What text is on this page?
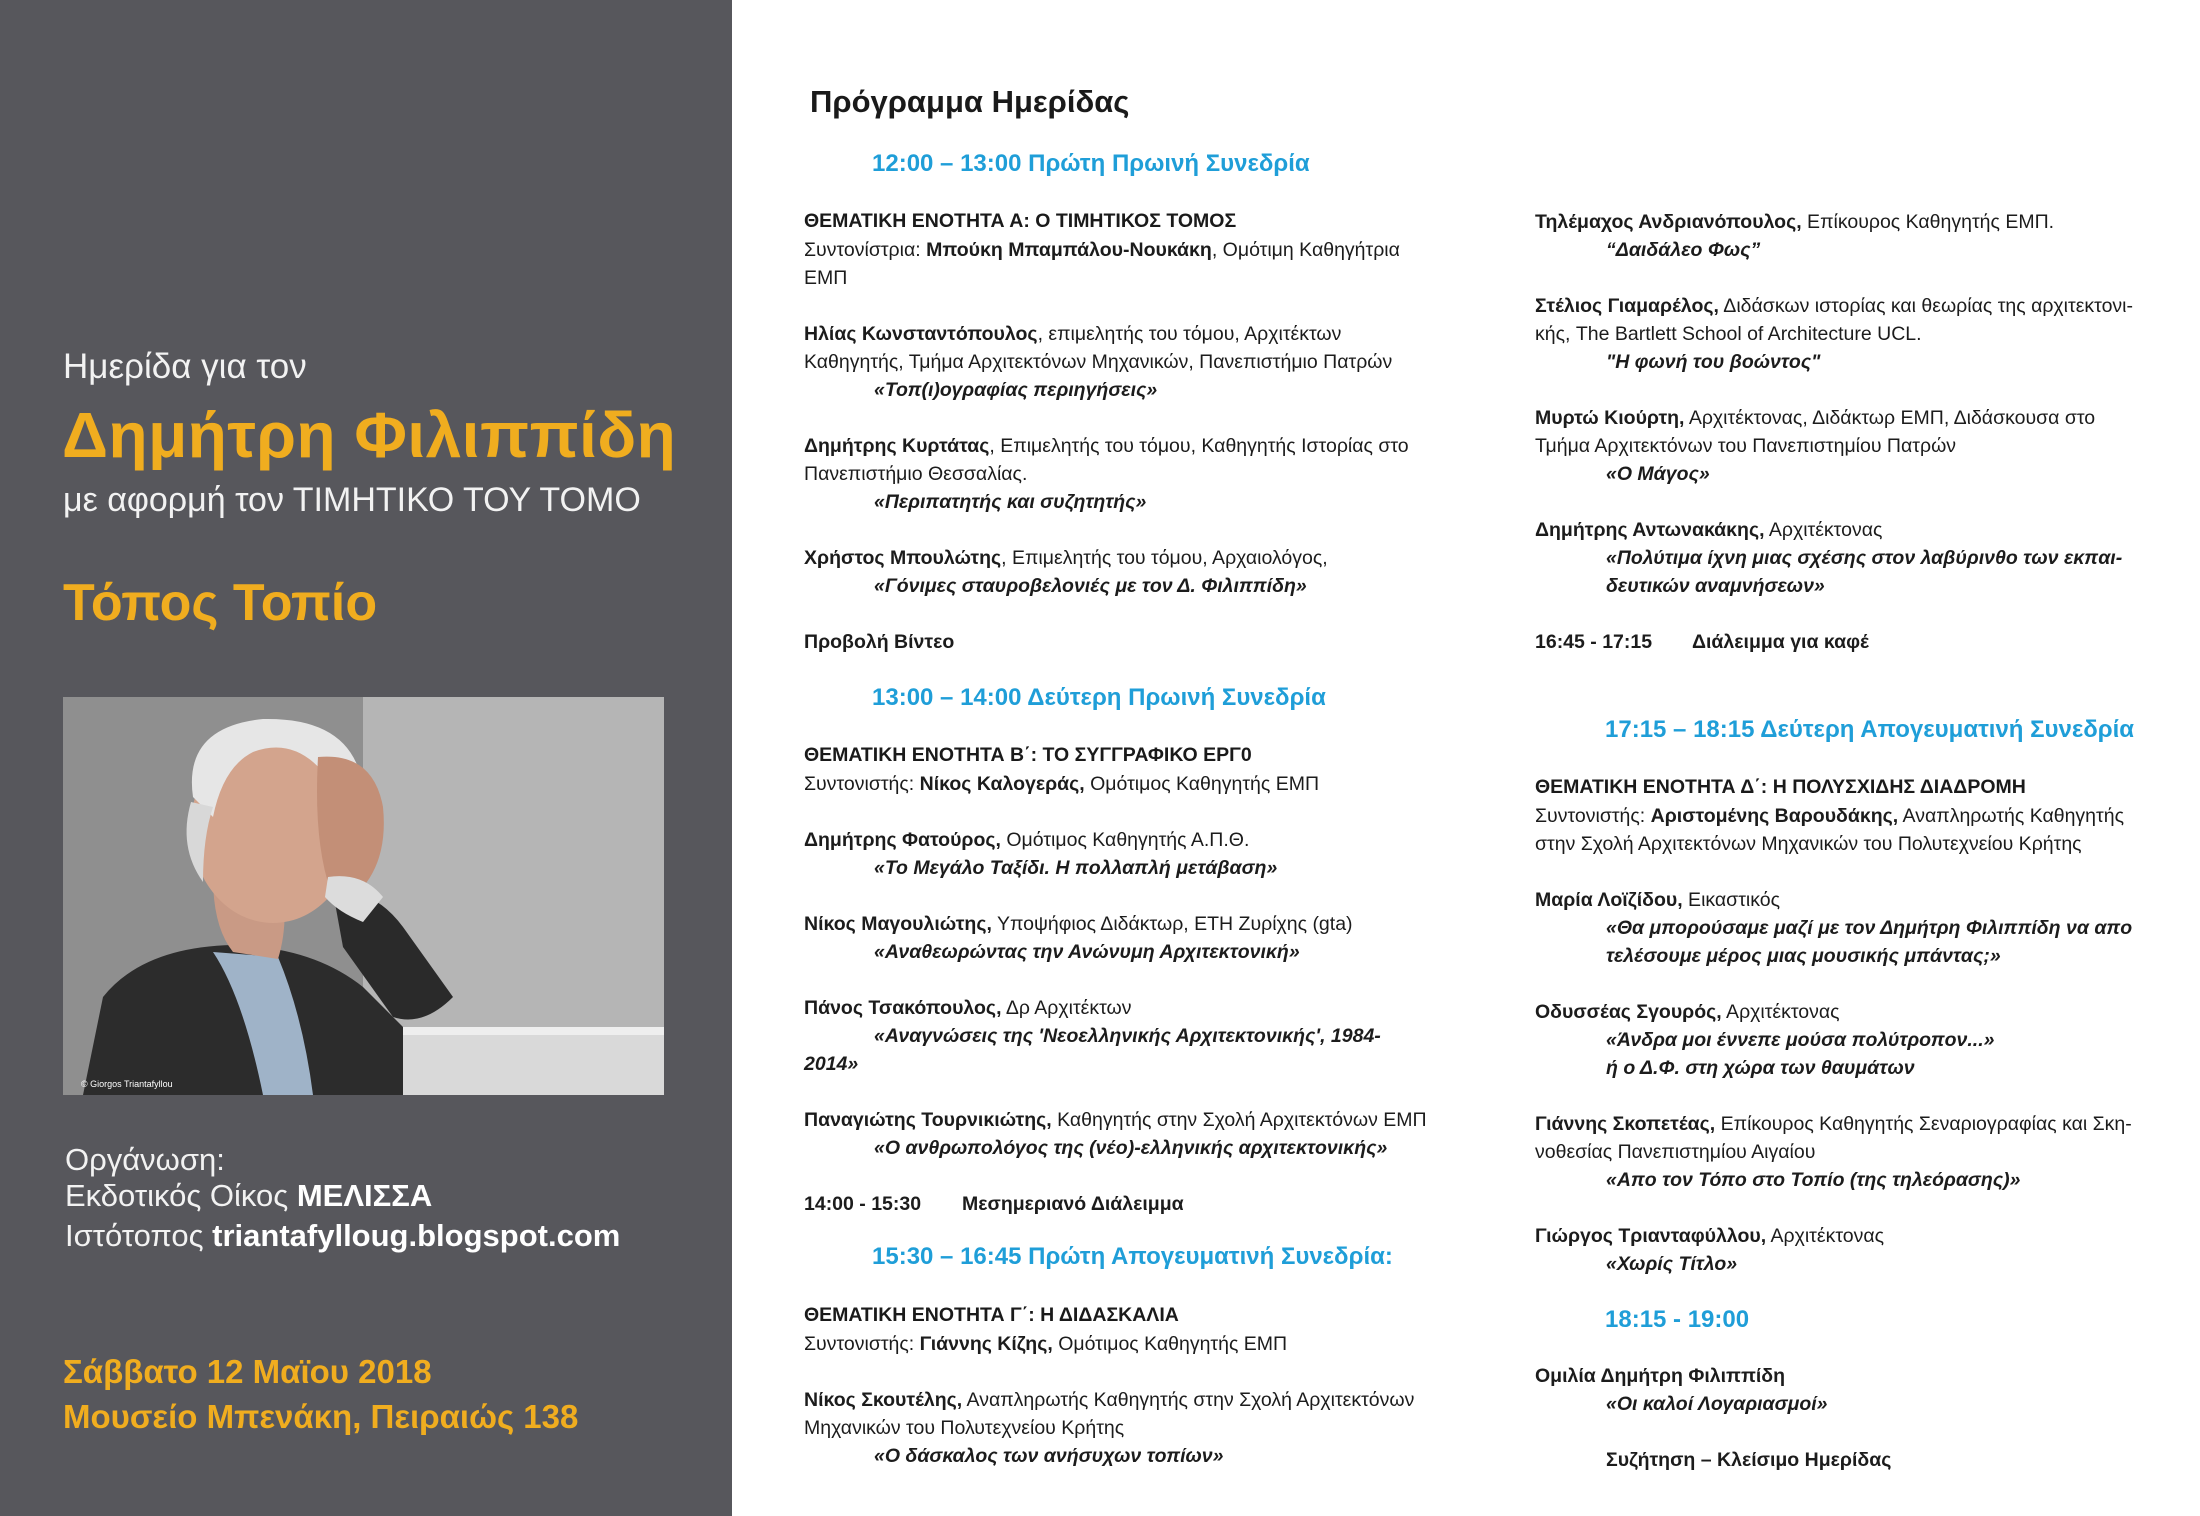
Ημερίδα για τον
Δημήτρη Φιλιππίδη
με αφορμή τον ΤΙΜΗΤΙΚΟ ΤΟΥ ΤΟΜΟ
Τόπος Τοπίο
© Giorgos Triantafyllou
Οργάνωση:
Εκδοτικός Οίκος ΜΕΛΙΣΣΑ
Ιστότοπος triantafylloug.blogspot.com
Σάββατο 12 Μαϊου 2018
Μουσείο Μπενάκη, Πειραιώς 138
Πρόγραμμα Ημερίδας
12:00 – 13:00 Πρώτη Πρωινή Συνεδρία
ΘΕΜΑΤΙΚΗ ΕΝΟΤΗΤΑ Α: Ο ΤΙΜΗΤΙΚΟΣ ΤΟΜΟΣ
Συντονίστρια: Μπούκη Μπαμπάλου-Νουκάκη, Ομότιμη Καθηγήτρια
ΕΜΠ
Ηλίας Κωνσταντόπουλος, επιμελητής του τόμου, Αρχιτέκτων
Καθηγητής, Τμήμα Αρχιτεκτόνων Μηχανικών, Πανεπιστήμιο Πατρών
«Τοπ(ι)ογραφίας περιηγήσεις»
Δημήτρης Κυρτάτας, Επιμελητής του τόμου, Καθηγητής Ιστορίας στο
Πανεπιστήμιο Θεσσαλίας.
«Περιπατητής και συζητητής»
Χρήστος Μπουλώτης, Επιμελητής του τόμου, Αρχαιολόγος,
«Γόνιμες σταυροβελονιές με τον Δ. Φιλιππίδη»
Προβολή Βίντεο
13:00 – 14:00 Δεύτερη Πρωινή Συνεδρία
ΘΕΜΑΤΙΚΗ ΕΝΟΤΗΤΑ Β΄: ΤΟ ΣΥΓΓΡΑΦΙΚΟ ΕΡΓ0
Συντονιστής: Νίκος Καλογεράς, Ομότιμος Καθηγητής ΕΜΠ
Δημήτρης Φατούρος, Ομότιμος Καθηγητής Α.Π.Θ.
«Το Μεγάλο Ταξίδι. Η πολλαπλή μετάβαση»
Νίκος Μαγουλιώτης, Υποψήφιος Διδάκτωρ, ETH Ζυρίχης (gta)
«Αναθεωρώντας την Ανώνυμη Αρχιτεκτονική»
Πάνος Τσακόπουλος, Δρ Αρχιτέκτων
«Αναγνώσεις της 'Νεοελληνικής Αρχιτεκτονικής', 1984-
2014»
Παναγιώτης Τουρνικιώτης, Καθηγητής στην Σχολή Αρχιτεκτόνων ΕΜΠ
«Ο ανθρωπολόγος της (νέο)-ελληνικής αρχιτεκτονικής»
14:00 - 15:30 Μεσημεριανό Διάλειμμα
15:30 – 16:45 Πρώτη Απογευματινή Συνεδρία:
ΘΕΜΑΤΙΚΗ ΕΝΟΤΗΤΑ Γ΄: Η ΔΙΔΑΣΚΑΛΙΑ
Συντονιστής: Γιάννης Κίζης, Ομότιμος Καθηγητής ΕΜΠ
Νίκος Σκουτέλης, Αναπληρωτής Καθηγητής στην Σχολή Αρχιτεκτόνων
Μηχανικών του Πολυτεχνείου Κρήτης
«Ο δάσκαλος των ανήσυχων τοπίων»
Τηλέμαχος Ανδριανόπουλος, Επίκουρος Καθηγητής ΕΜΠ.
“Δαιδάλεο Φως”
Στέλιος Γιαμαρέλος, Διδάσκων ιστορίας και θεωρίας της αρχιτεκτονι-
κής, The Bartlett School of Architecture UCL.
"Η φωνή του βοώντος"
Μυρτώ Κιούρτη, Αρχιτέκτονας, Διδάκτωρ ΕΜΠ, Διδάσκουσα στο
Τμήμα Αρχιτεκτόνων του Πανεπιστημίου Πατρών
«Ο Μάγος»
Δημήτρης Αντωνακάκης, Αρχιτέκτονας
«Πολύτιμα ίχνη μιας σχέσης στον λαβύρινθο των εκπαι-
δευτικών αναμνήσεων»
16:45 - 17:15 Διάλειμμα για καφέ
17:15 – 18:15 Δεύτερη Απογευματινή Συνεδρία
ΘΕΜΑΤΙΚΗ ΕΝΟΤΗΤΑ Δ΄: Η ΠΟΛΥΣΧΙΔΗΣ ΔΙΑΔΡΟΜΗ
Συντονιστής: Αριστομένης Βαρουδάκης, Αναπληρωτής Καθηγητής
στην Σχολή Αρχιτεκτόνων Μηχανικών του Πολυτεχνείου Κρήτης
Μαρία Λοϊζίδου, Εικαστικός
«Θα μπορούσαμε μαζί με τον Δημήτρη Φιλιππίδη να απο
τελέσουμε μέρος μιας μουσικής μπάντας;»
Οδυσσέας Σγουρός, Αρχιτέκτονας
«Άνδρα μοι έννεπε μούσα πολύτροπον...»
ή ο Δ.Φ. στη χώρα των θαυμάτων
Γιάννης Σκοπετέας, Επίκουρος Καθηγητής Σεναριογραφίας και Σκη-
νοθεσίας Πανεπιστημίου Αιγαίου
«Απο τον Τόπο στο Τοπίο (της τηλεόρασης)»
Γιώργος Τριανταφύλλου, Αρχιτέκτονας
«Χωρίς Τίτλο»
18:15 - 19:00
Ομιλία Δημήτρη Φιλιππίδη
«Οι καλοί Λογαριασμοί»
Συζήτηση – Κλείσιμο Ημερίδας
